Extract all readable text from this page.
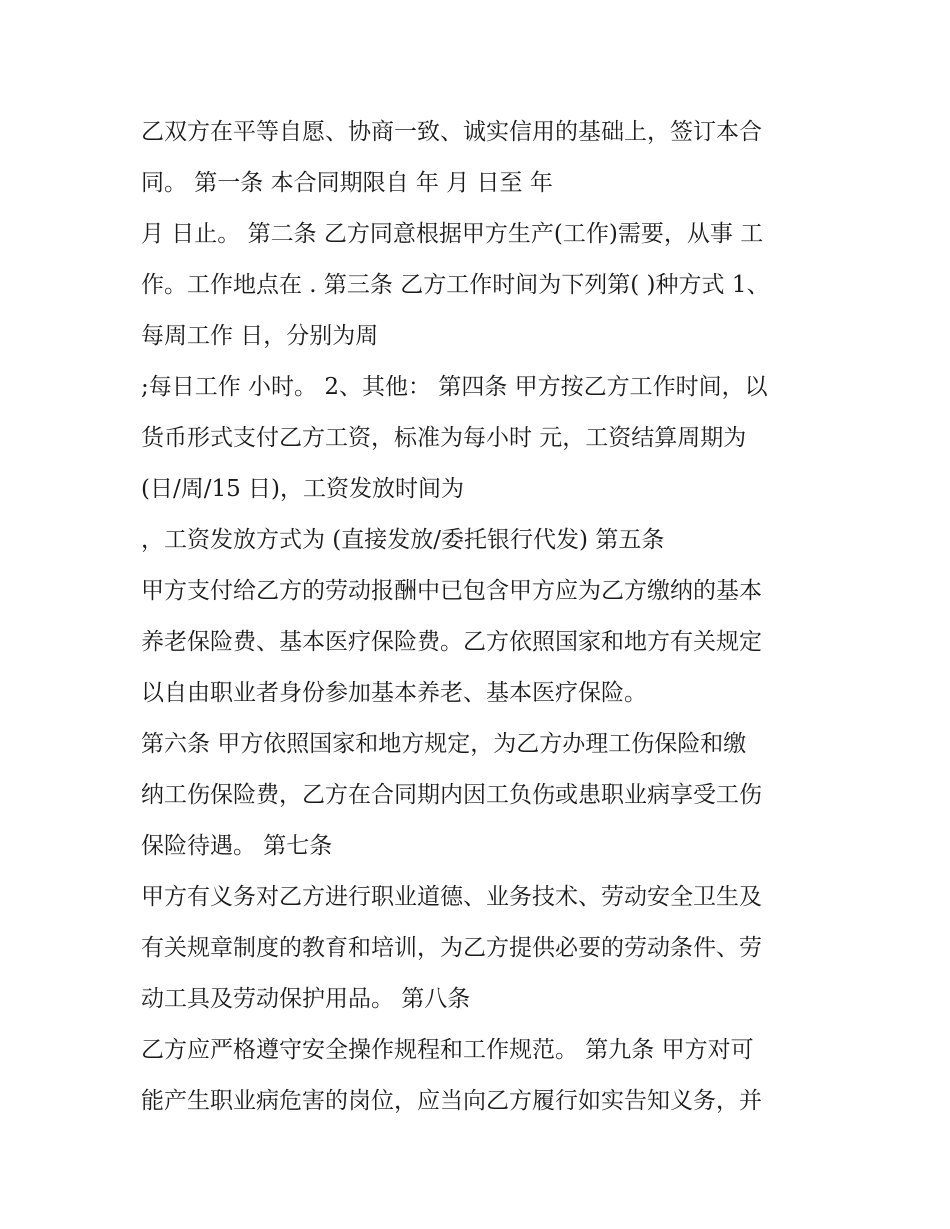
乙双方在平等自愿、协商一致、诚实信用的基础上，签订本合
同。 第一条 本合同期限自 年 月 日至 年
月 日止。 第二条 乙方同意根据甲方生产(工作)需要，从事 工
作。工作地点在 . 第三条 乙方工作时间为下列第( )种方式 1、
每周工作 日，分别为周
;每日工作 小时。 2、其他： 第四条 甲方按乙方工作时间，以
货币形式支付乙方工资，标准为每小时 元，工资结算周期为
(日/周/15 日)，工资发放时间为
，工资发放方式为 (直接发放/委托银行代发) 第五条
甲方支付给乙方的劳动报酬中已包含甲方应为乙方缴纳的基本
养老保险费、基本医疗保险费。乙方依照国家和地方有关规定
以自由职业者身份参加基本养老、基本医疗保险。
第六条 甲方依照国家和地方规定，为乙方办理工伤保险和缴
纳工伤保险费，乙方在合同期内因工负伤或患职业病享受工伤
保险待遇。 第七条
甲方有义务对乙方进行职业道德、业务技术、劳动安全卫生及
有关规章制度的教育和培训，为乙方提供必要的劳动条件、劳
动工具及劳动保护用品。 第八条
乙方应严格遵守安全操作规程和工作规范。 第九条 甲方对可
能产生职业病危害的岗位，应当向乙方履行如实告知义务，并
